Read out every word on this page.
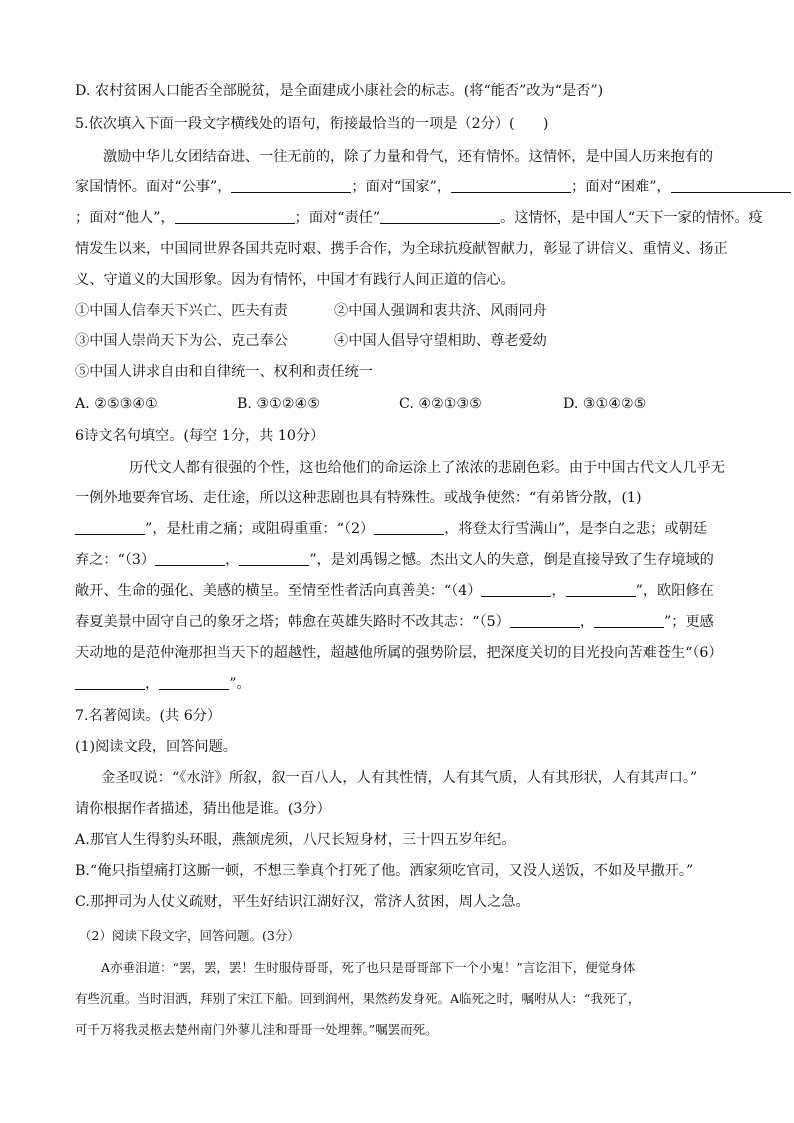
D. 农村贫困人口能否全部脱贫，是全面建成小康社会的标志。(将“能否”改为“是否”)
5.依次填入下面一段文字横线处的语句，衔接最恰当的一项是（2分）(　　)
激励中华儿女团结奋进、一往无前的，除了力量和骨气，还有情怀。这情怀，是中国人历来抱有的
家国情怀。面对“公事”，	；面对“国家”，	；面对“困难”，
；面对“他人”，	；面对“责任”	。这情怀，是中国人“天下一家的情怀。疫
情发生以来，中国同世界各国共克时艰、携手合作，为全球抗疫献智献力，彰显了讲信义、重情义、扬正
义、守道义的大国形象。因为有情怀，中国才有践行人间正道的信心。
①中国人信奉天下兴亡、匹夫有责	②中国人强调和衷共济、风雨同舟
③中国人崇尚天下为公、克己奉公	④中国人倡导守望相助、尊老爱幼
⑤中国人讲求自由和自律统一、权利和责任统一
A. ②⑤③④①	B. ③①②④⑤	C. ④②①③⑤	D. ③①④②⑤
6诗文名句填空。(每空 1分，共 10分）
历代文人都有很强的个性，这也给他们的命运涂上了浓浓的悲剧色彩。由于中国古代文人几乎无
一例外地要奔官场、走仕途，所以这种悲剧也具有特殊性。或战争使然：“有弟皆分散，(1)
”，是杜甫之痛；或阻碍重重：“（2）	，将登太行雪满山”，是李白之悲；或朝廷
弃之：“（3）	，	”，是刘禹锡之憾。杰出文人的失意，倒是直接导致了生存境域的
敞开、生命的强化、美感的横呈。至情至性者活向真善美：“（4）	，	”，欧阳修在
春夏美景中固守自己的象牙之塔；韩愈在英雄失路时不改其志：“（5）	，	”；更感
天动地的是范仲淹那担当天下的超越性，超越他所属的强势阶层，把深度关切的目光投向苦难苍生“（6）
，	”。
7.名著阅读。(共 6分）
(1)阅读文段，回答问题。
金圣叹说：“《水浒》所叙，叙一百八人，人有其性情，人有其气质，人有其形状，人有其声口。”
请你根据作者描述，猜出他是谁。(3分）
A.那官人生得豹头环眼，燕颔虎须，八尺长短身材，三十四五岁年纪。
B.“俺只指望痛打这厮一顿，不想三拳真个打死了他。洒家须吃官司，又没人送饭，不如及早撒开。”
C.那押司为人仗义疏财，平生好结识江湖好汉，常济人贫困，周人之急。
（2）阅读下段文字，回答问题。(3分）
A亦垂泪道：“罢，罢，罢！生时服侍哥哥，死了也只是哥哥部下一个小鬼！”言讫泪下，便觉身体
有些沉重。当时泪洒，拜别了宋江下船。回到润州，果然药发身死。A临死之时，嘱咐从人：“我死了，
可千万将我灵柩去楚州南门外蓼儿洼和哥哥一处埋葬。”嘱罢而死。
